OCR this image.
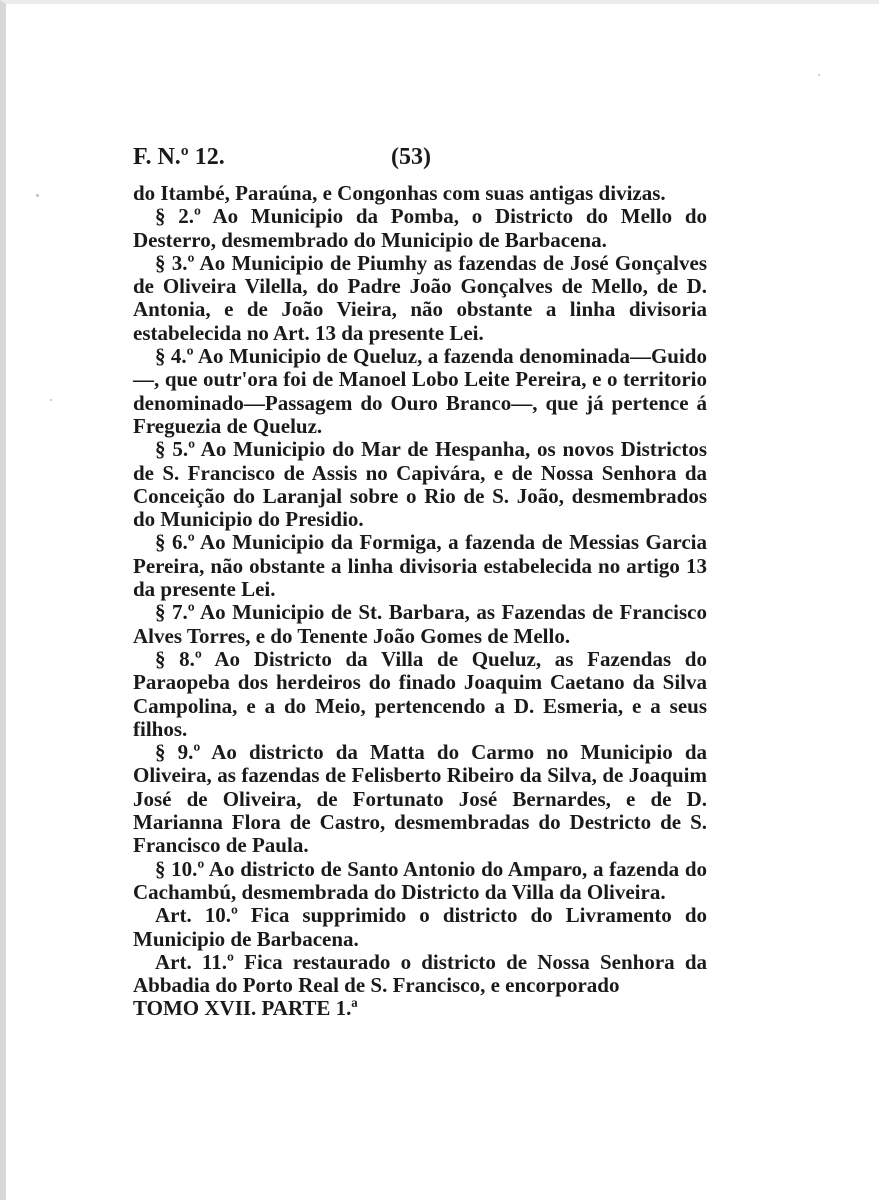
F. N.º 12.	(53)

do Itambé, Paraúna, e Congonhas com suas antigas divizas.

§ 2.º Ao Municipio da Pomba, o Districto do Mello do Desterro, desmembrado do Municipio de Barbacena.

§ 3.º Ao Municipio de Piumhy as fazendas de José Gonçalves de Oliveira Vilella, do Padre João Gonçalves de Mello, de D. Antonia, e de João Vieira, não obstante a linha divisoria estabelecida no Art. 13 da presente Lei.

§ 4.º Ao Municipio de Queluz, a fazenda denominada—Guido—, que outr'ora foi de Manoel Lobo Leite Pereira, e o territorio denominado—Passagem do Ouro Branco—, que já pertence á Freguezia de Queluz.

§ 5.º Ao Municipio do Mar de Hespanha, os novos Districtos de S. Francisco de Assis no Capivára, e de Nossa Senhora da Conceição do Laranjal sobre o Rio de S. João, desmembrados do Municipio do Presidio.

§ 6.º Ao Municipio da Formiga, a fazenda de Messias Garcia Pereira, não obstante a linha divisoria estabelecida no artigo 13 da presente Lei.

§ 7.º Ao Municipio de St. Barbara, as Fazendas de Francisco Alves Torres, e do Tenente João Gomes de Mello.

§ 8.º Ao Districto da Villa de Queluz, as Fazendas do Paraopeba dos herdeiros do finado Joaquim Caetano da Silva Campolina, e a do Meio, pertencendo a D. Esmeria, e a seus filhos.

§ 9.º Ao districto da Matta do Carmo no Municipio da Oliveira, as fazendas de Felisberto Ribeiro da Silva, de Joaquim José de Oliveira, de Fortunato José Bernardes, e de D. Marianna Flora de Castro, desmembradas do Destricto de S. Francisco de Paula.

§ 10.º Ao districto de Santo Antonio do Amparo, a fazenda do Cachambú, desmembrada do Districto da Villa da Oliveira.

Art. 10.º Fica supprimido o districto do Livramento do Municipio de Barbacena.

Art. 11.º Fica restaurado o districto de Nossa Senhora da Abbadia do Porto Real de S. Francisco, e encorporado

TOMO XVII. PARTE 1.ª
